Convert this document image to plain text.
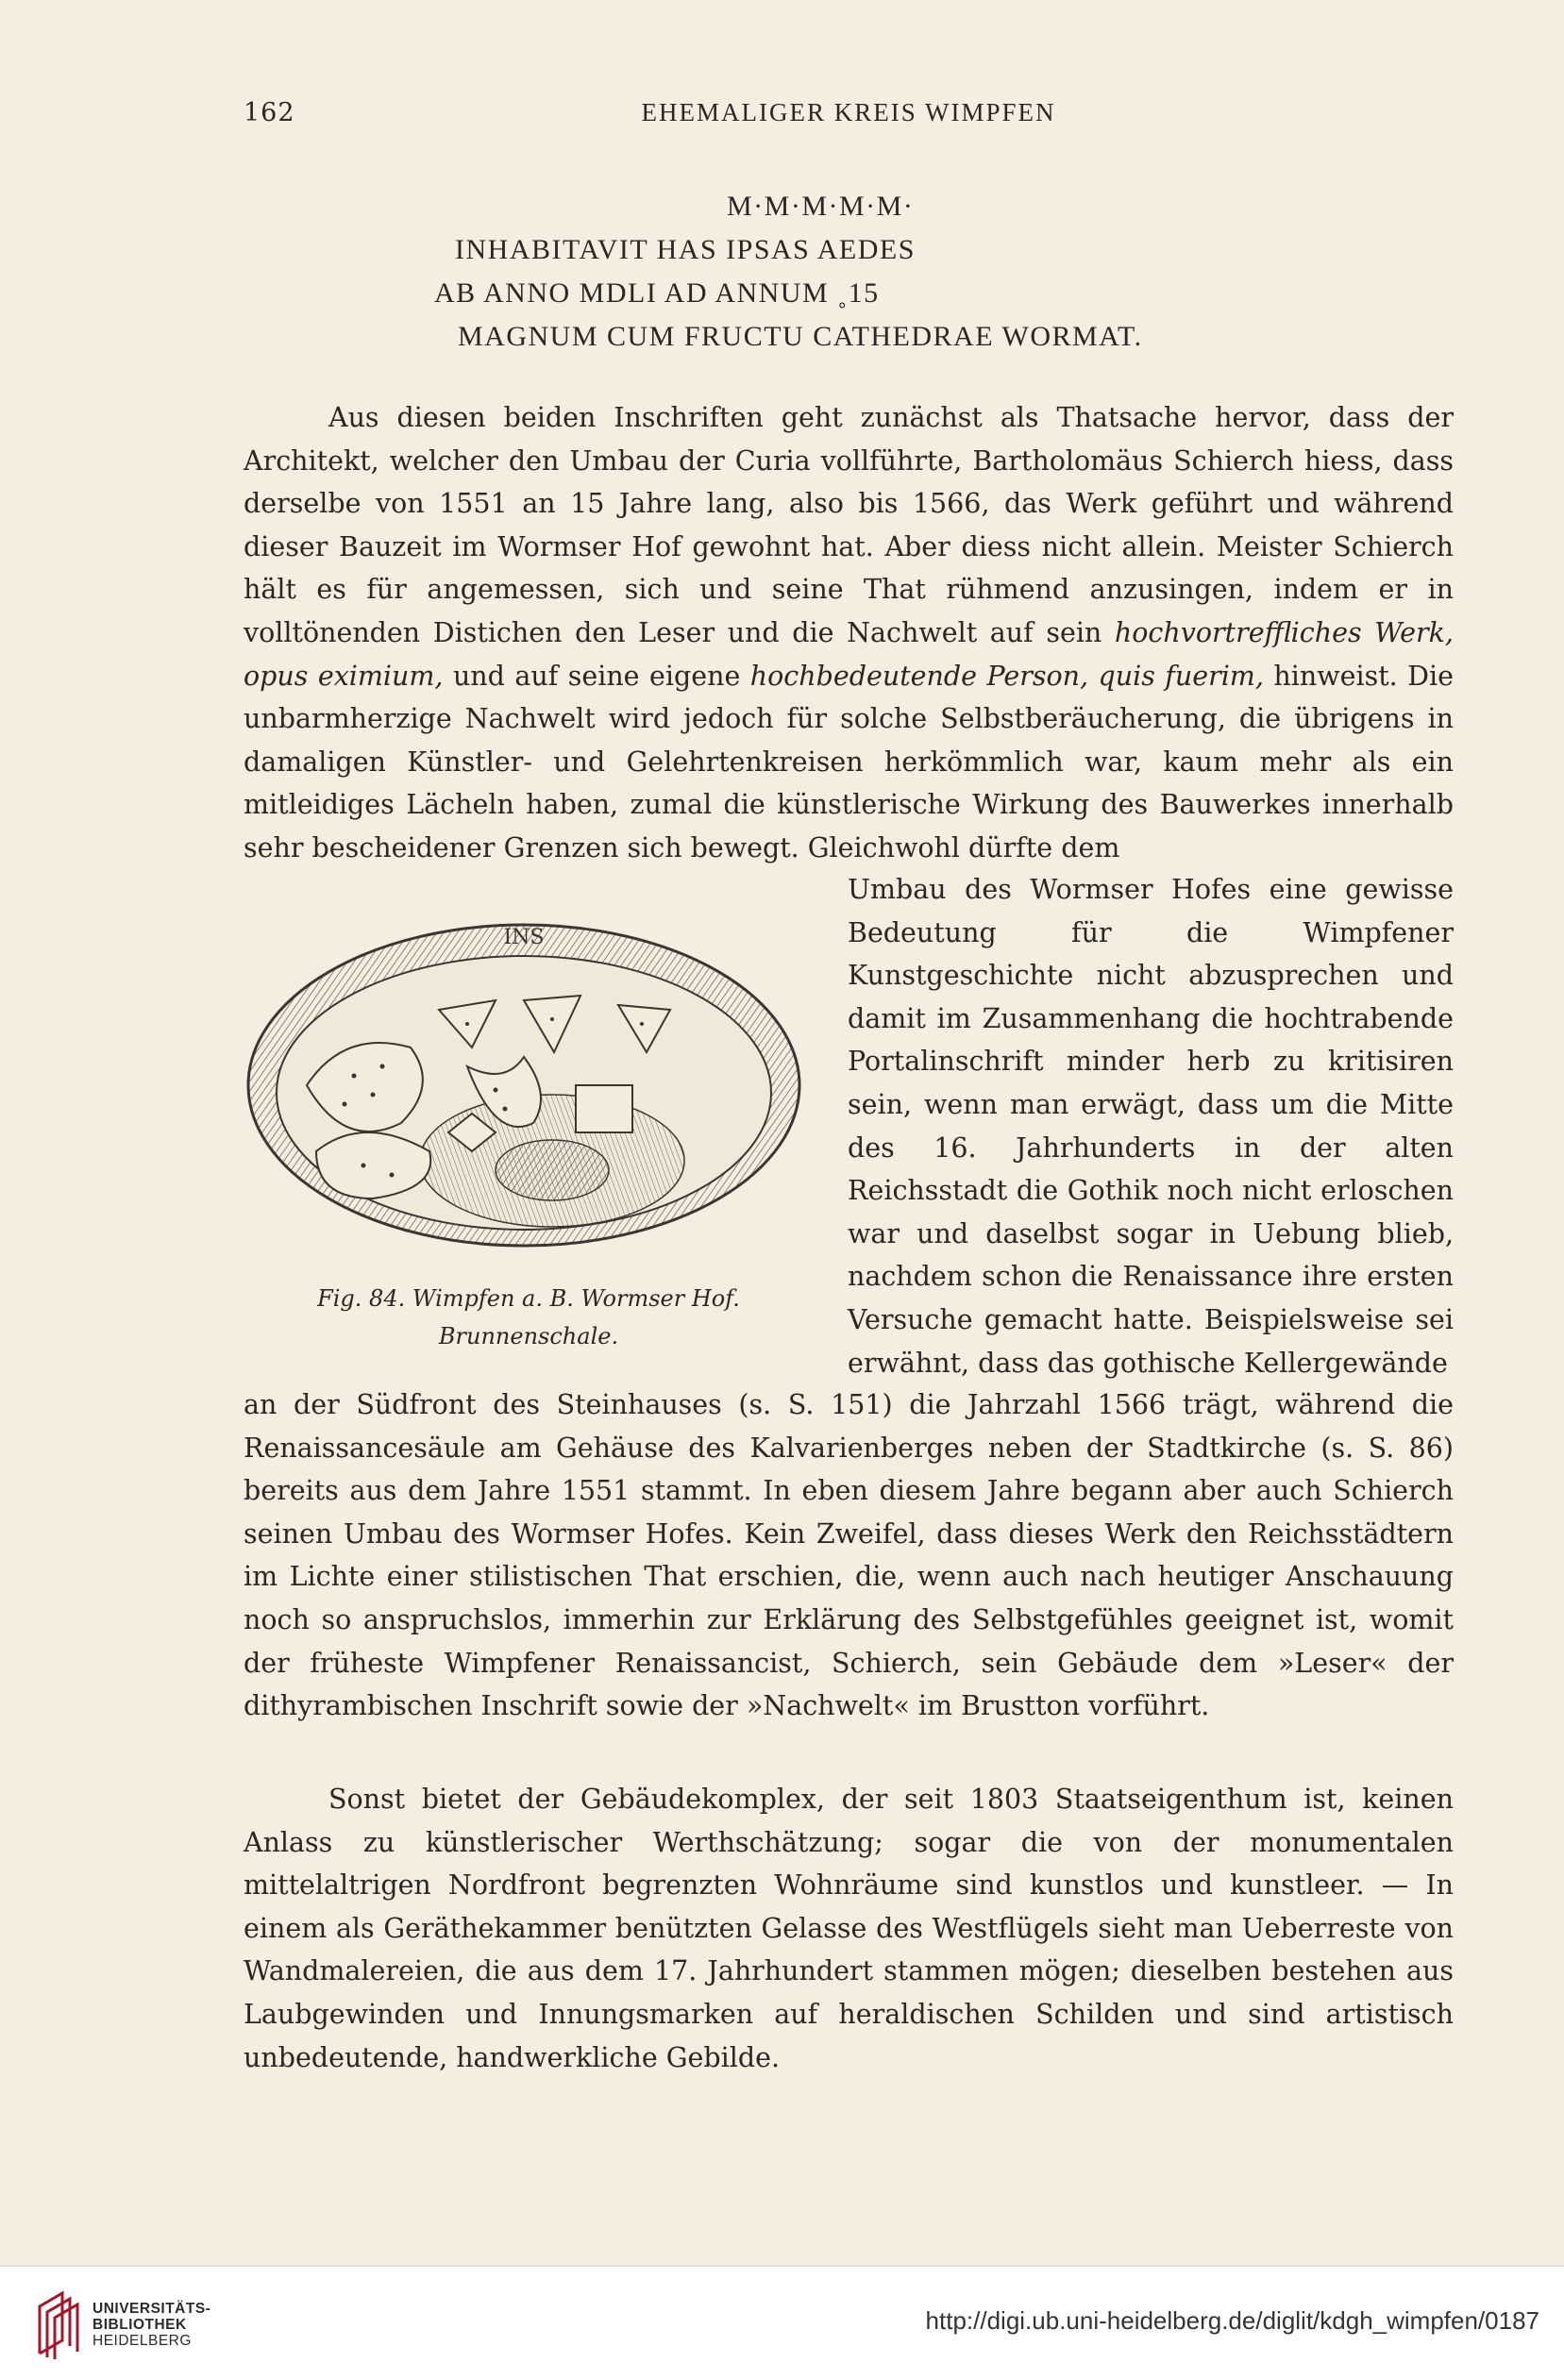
162	EHEMALIGER KREIS WIMPFEN
M·M·M·M·M·
INHABITAVIT HAS IPSAS AEDES
AB ANNO MDLI AD ANNUM ˳15
MAGNUM CUM FRUCTU CATHEDRAE WORMAT.

Aus diesen beiden Inschriften geht zunächst als Thatsache hervor, dass der Architekt, welcher den Umbau der Curia vollführte, Bartholomäus Schierch hiess, dass derselbe von 1551 an 15 Jahre lang, also bis 1566, das Werk geführt und während dieser Bauzeit im Wormser Hof gewohnt hat. Aber diess nicht allein. Meister Schierch hält es für angemessen, sich und seine That rühmend anzusingen, indem er in volltönenden Distichen den Leser und die Nachwelt auf sein hochvortreffliches Werk, opus eximium, und auf seine eigene hochbedeutende Person, quis fuerim, hinweist. Die unbarmherzige Nachwelt wird jedoch für solche Selbstberäucherung, die übrigens in damaligen Künstler- und Gelehrtenkreisen herkömmlich war, kaum mehr als ein mitleidiges Lächeln haben, zumal die künstlerische Wirkung des Bauwerkes innerhalb sehr bescheidener Grenzen sich bewegt. Gleichwohl dürfte dem

INS
Umbau des Wormser Hofes eine gewisse Bedeutung für die Wimpfener Kunstgeschichte nicht abzusprechen und damit im Zusammenhang die hochtrabende Portalinschrift minder herb zu kritisiren sein, wenn man erwägt, dass um die Mitte des 16. Jahrhunderts in der alten Reichsstadt die Gothik noch nicht erloschen war und daselbst sogar in Uebung blieb, nachdem schon die Renaissance ihre ersten Versuche gemacht hatte. Beispielsweise sei erwähnt, dass das gothische Kellergewände
Fig. 84. Wimpfen a. B. Wormser Hof.
Brunnenschale.

an der Südfront des Steinhauses (s. S. 151) die Jahrzahl 1566 trägt, während die Renaissancesäule am Gehäuse des Kalvarienberges neben der Stadtkirche (s. S. 86) bereits aus dem Jahre 1551 stammt. In eben diesem Jahre begann aber auch Schierch seinen Umbau des Wormser Hofes. Kein Zweifel, dass dieses Werk den Reichsstädtern im Lichte einer stilistischen That erschien, die, wenn auch nach heutiger Anschauung noch so anspruchslos, immerhin zur Erklärung des Selbstgefühles geeignet ist, womit der früheste Wimpfener Renaissancist, Schierch, sein Gebäude dem »Leser« der dithyrambischen Inschrift sowie der »Nachwelt« im Brustton vorführt.

Sonst bietet der Gebäudekomplex, der seit 1803 Staatseigenthum ist, keinen Anlass zu künstlerischer Werthschätzung; sogar die von der monumentalen mittelaltrigen Nordfront begrenzten Wohnräume sind kunstlos und kunstleer. — In einem als Geräthekammer benützten Gelasse des Westflügels sieht man Ueberreste von Wandmalereien, die aus dem 17. Jahrhundert stammen mögen; dieselben bestehen aus Laubgewinden und Innungsmarken auf heraldischen Schilden und sind artistisch unbedeutende, handwerkliche Gebilde.

UNIVERSITÄTS-
BIBLIOTHEK
HEIDELBERG
http://digi.ub.uni-heidelberg.de/diglit/kdgh_wimpfen/0187
